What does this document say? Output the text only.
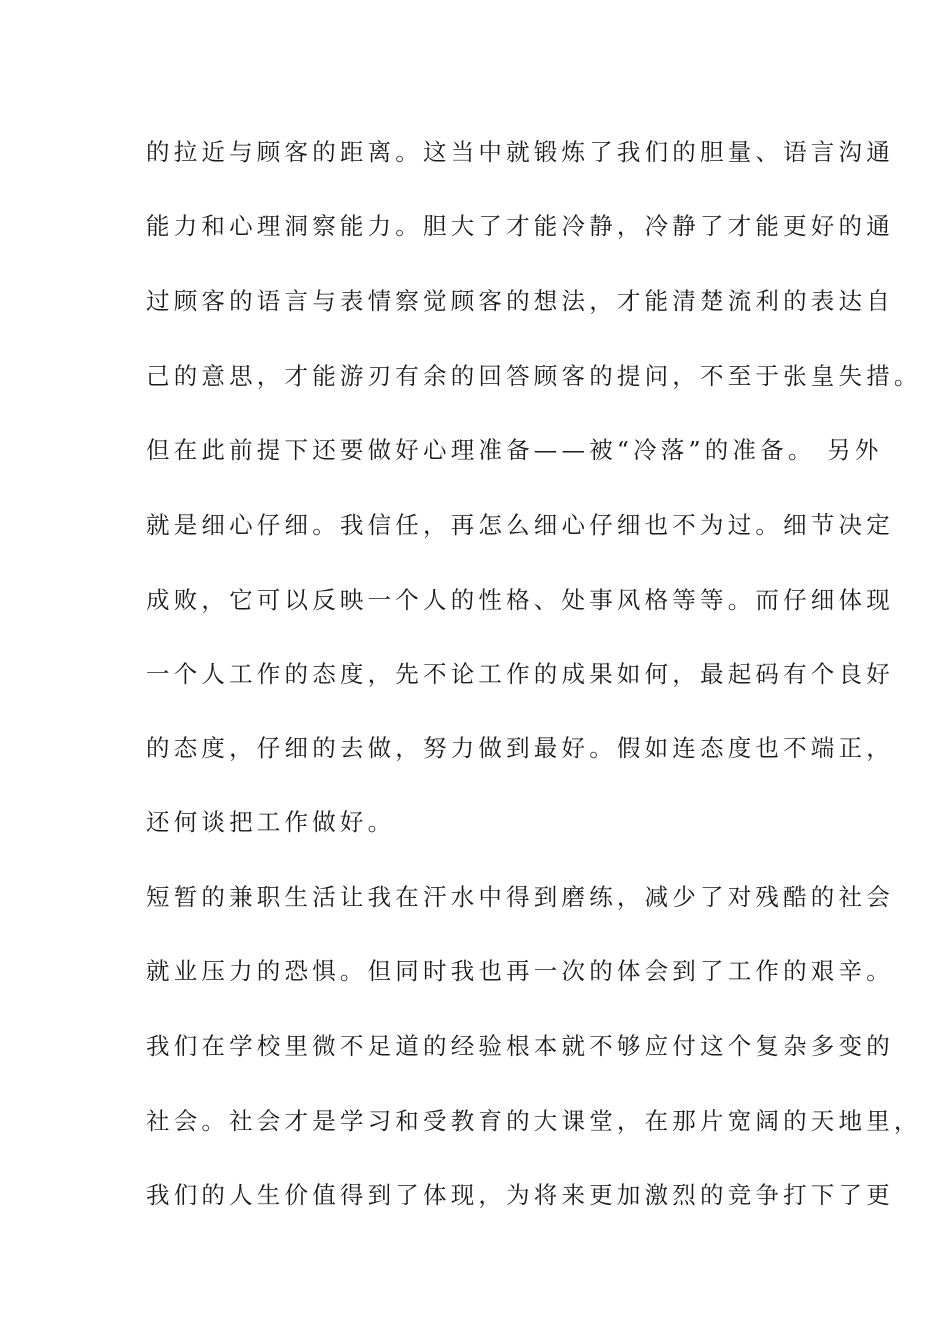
的拉近与顾客的距离。这当中就锻炼了我们的胆量、语言沟通
能力和心理洞察能力。胆大了才能冷静，冷静了才能更好的通
过顾客的语言与表情察觉顾客的想法，才能清楚流利的表达自
己的意思，才能游刃有余的回答顾客的提问，不至于张皇失措。
但在此前提下还要做好心理准备——被“冷落”的准备。 另外
就是细心仔细。我信任，再怎么细心仔细也不为过。细节决定
成败，它可以反映一个人的性格、处事风格等等。而仔细体现
一个人工作的态度，先不论工作的成果如何，最起码有个良好
的态度，仔细的去做，努力做到最好。假如连态度也不端正，
还何谈把工作做好。
短暂的兼职生活让我在汗水中得到磨练，减少了对残酷的社会
就业压力的恐惧。但同时我也再一次的体会到了工作的艰辛。
我们在学校里微不足道的经验根本就不够应付这个复杂多变的
社会。社会才是学习和受教育的大课堂，在那片宽阔的天地里，
我们的人生价值得到了体现，为将来更加激烈的竞争打下了更
